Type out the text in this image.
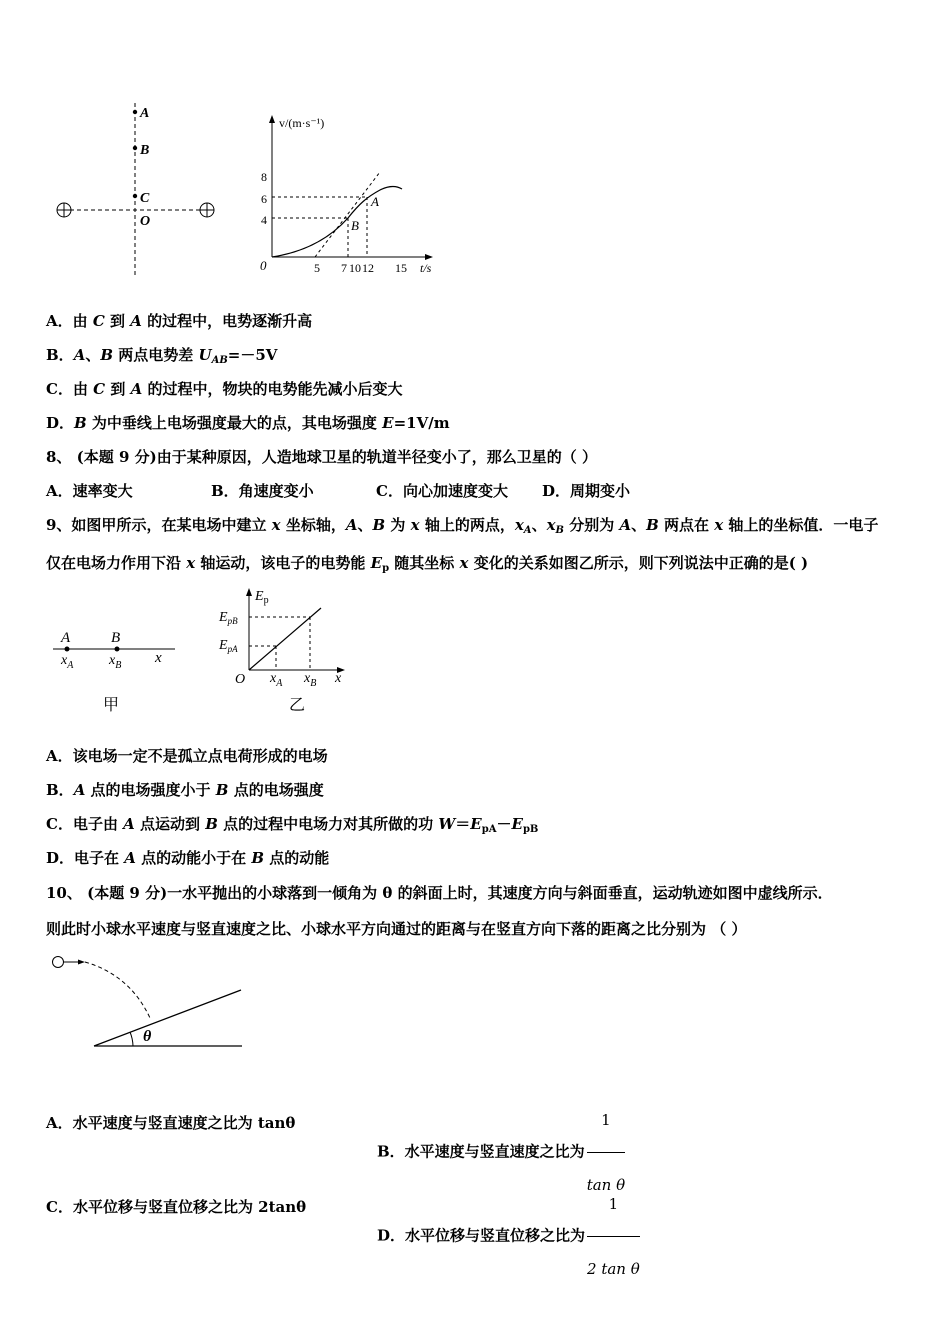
A
B
C
O
v/(m·s⁻¹)
t/s
8
6
4
0	5 7 10 12 15
A
B
A．由 C 到 A 的过程中，电势逐渐升高
B．A、B 两点电势差 $U_{AB}=-5V$
C．由 C 到 A 的过程中，物块的电势能先减小后变大
D．B 为中垂线上电场强度最大的点，其电场强度 E=1V/m
8、 (本题 9 分)由于某种原因，人造地球卫星的轨道半径变小了，那么卫星的（ ）
A．速率变大	B．角速度变小	C．向心加速度变大 D．周期变小
9、如图甲所示，在某电场中建立 x 坐标轴，A、B 为 x 轴上的两点，$x_A$、$x_B$ 分别为 A、B 两点在 x 轴上的坐标值．一电子
仅在电场力作用下沿 x 轴运动，该电子的电势能 $E_p$ 随其坐标 x 变化的关系如图乙所示，则下列说法中正确的是( )
A	B
$x_A$	$x_B$ x
甲
$E_p$
$E_{pB}$
$E_{pA}$
O $x_A$ $x_B$ x
乙
A．该电场一定不是孤立点电荷形成的电场
B．A 点的电场强度小于 B 点的电场强度
C．电子由 A 点运动到 B 点的过程中电场力对其所做的功 $W=E_{pA}-E_{pB}$
D．电子在 A 点的动能小于在 B 点的动能
10、 (本题 9 分)一水平抛出的小球落到一倾角为 θ 的斜面上时，其速度方向与斜面垂直，运动轨迹如图中虚线所示．
则此时小球水平速度与竖直速度之比、小球水平方向通过的距离与在竖直方向下落的距离之比分别为 （ ）
θ
A．水平速度与竖直速度之比为 tanθ
B．水平速度与竖直速度之比为 $\frac{1}{\text{tan θ}}$
C．水平位移与竖直位移之比为 2tanθ
D．水平位移与竖直位移之比为 $\frac{1}{\text{2 tan θ}}$
